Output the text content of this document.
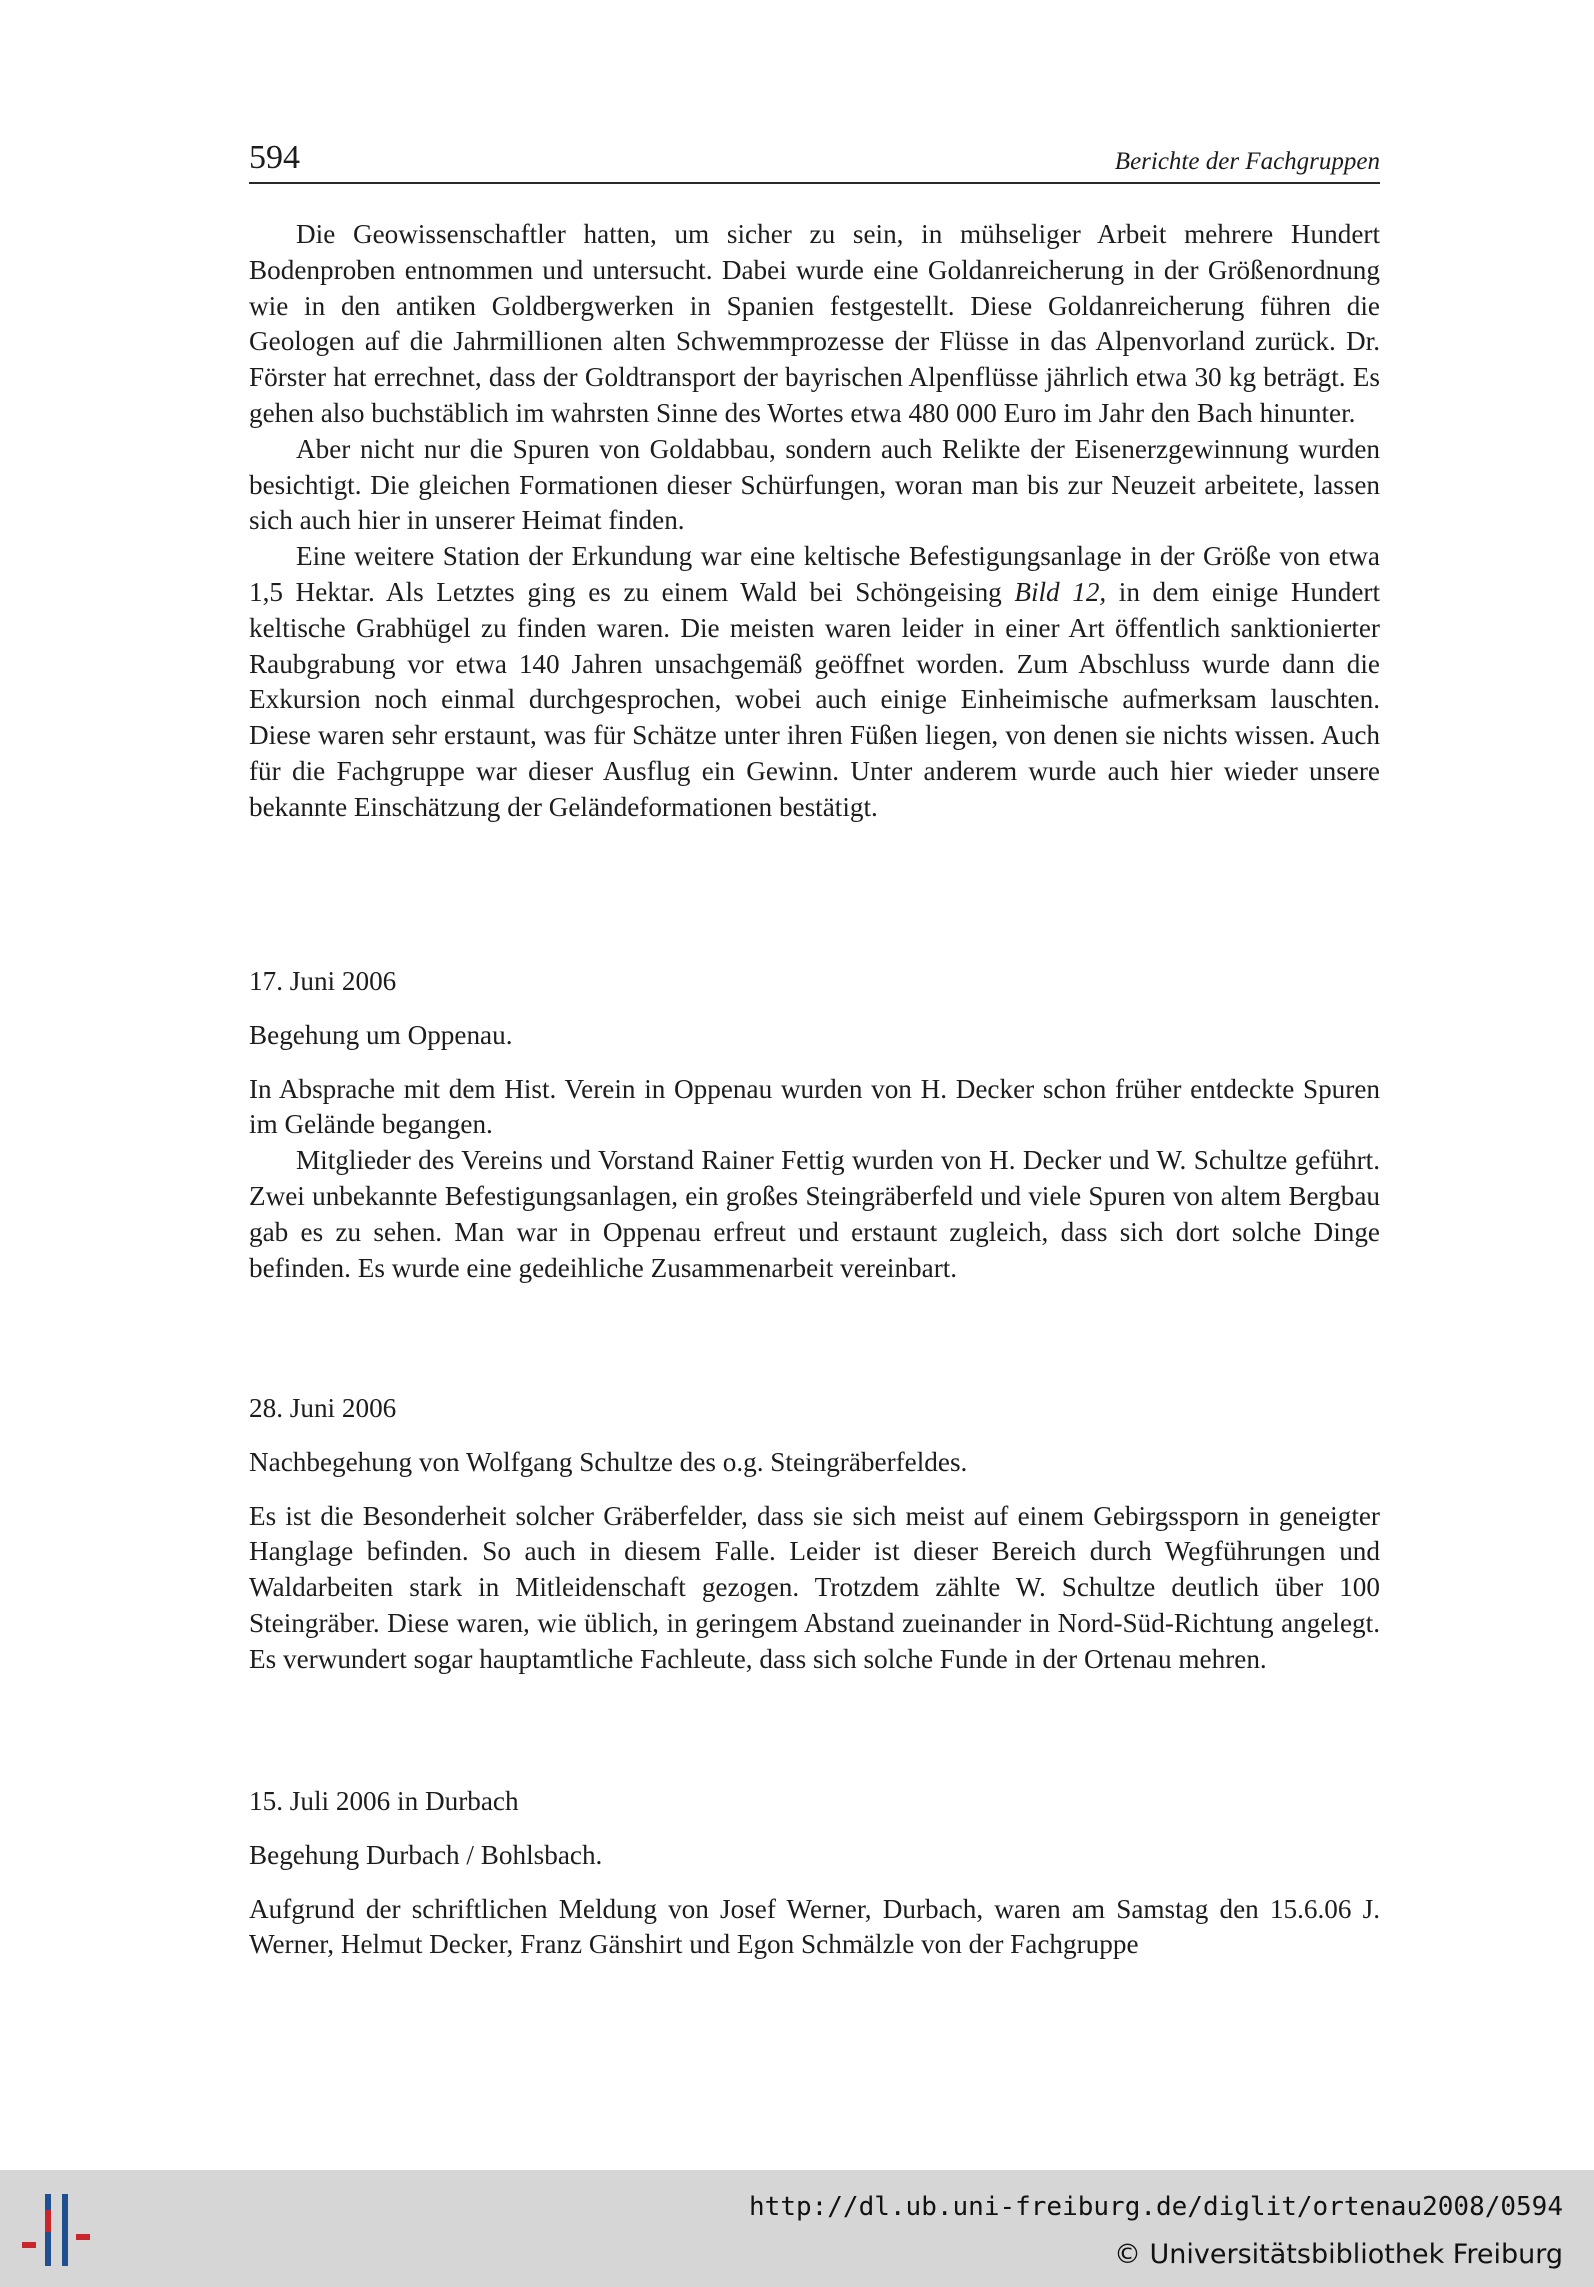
594	Berichte der Fachgruppen

Die Geowissenschaftler hatten, um sicher zu sein, in mühseliger Arbeit mehrere Hundert Bodenproben entnommen und untersucht. Dabei wurde eine Goldanreicherung in der Größenordnung wie in den antiken Goldbergwerken in Spanien festgestellt. Diese Goldanreicherung führen die Geologen auf die Jahrmillionen alten Schwemmprozesse der Flüsse in das Alpenvorland zurück. Dr. Förster hat errechnet, dass der Goldtransport der bayrischen Alpenflüsse jährlich etwa 30 kg beträgt. Es gehen also buchstäblich im wahrsten Sinne des Wortes etwa 480 000 Euro im Jahr den Bach hinunter.

Aber nicht nur die Spuren von Goldabbau, sondern auch Relikte der Eisenerzgewinnung wurden besichtigt. Die gleichen Formationen dieser Schürfungen, woran man bis zur Neuzeit arbeitete, lassen sich auch hier in unserer Heimat finden.

Eine weitere Station der Erkundung war eine keltische Befestigungsanlage in der Größe von etwa 1,5 Hektar. Als Letztes ging es zu einem Wald bei Schöngeising Bild 12, in dem einige Hundert keltische Grabhügel zu finden waren. Die meisten waren leider in einer Art öffentlich sanktionierter Raubgrabung vor etwa 140 Jahren unsachgemäß geöffnet worden. Zum Abschluss wurde dann die Exkursion noch einmal durchgesprochen, wobei auch einige Einheimische aufmerksam lauschten. Diese waren sehr erstaunt, was für Schätze unter ihren Füßen liegen, von denen sie nichts wissen. Auch für die Fachgruppe war dieser Ausflug ein Gewinn. Unter anderem wurde auch hier wieder unsere bekannte Einschätzung der Geländeformationen bestätigt.

17. Juni 2006

Begehung um Oppenau.

In Absprache mit dem Hist. Verein in Oppenau wurden von H. Decker schon früher entdeckte Spuren im Gelände begangen.

Mitglieder des Vereins und Vorstand Rainer Fettig wurden von H. Decker und W. Schultze geführt. Zwei unbekannte Befestigungsanlagen, ein großes Steingräberfeld und viele Spuren von altem Bergbau gab es zu sehen. Man war in Oppenau erfreut und erstaunt zugleich, dass sich dort solche Dinge befinden. Es wurde eine gedeihliche Zusammenarbeit vereinbart.

28. Juni 2006

Nachbegehung von Wolfgang Schultze des o.g. Steingräberfeldes.

Es ist die Besonderheit solcher Gräberfelder, dass sie sich meist auf einem Gebirgssporn in geneigter Hanglage befinden. So auch in diesem Falle. Leider ist dieser Bereich durch Wegführungen und Waldarbeiten stark in Mitleidenschaft gezogen. Trotzdem zählte W. Schultze deutlich über 100 Steingräber. Diese waren, wie üblich, in geringem Abstand zueinander in Nord-Süd-Richtung angelegt. Es verwundert sogar hauptamtliche Fachleute, dass sich solche Funde in der Ortenau mehren.

15. Juli 2006 in Durbach

Begehung Durbach / Bohlsbach.

Aufgrund der schriftlichen Meldung von Josef Werner, Durbach, waren am Samstag den 15.6.06 J. Werner, Helmut Decker, Franz Gänshirt und Egon Schmälzle von der Fachgruppe

http://dl.ub.uni-freiburg.de/diglit/ortenau2008/0594
© Universitätsbibliothek Freiburg
